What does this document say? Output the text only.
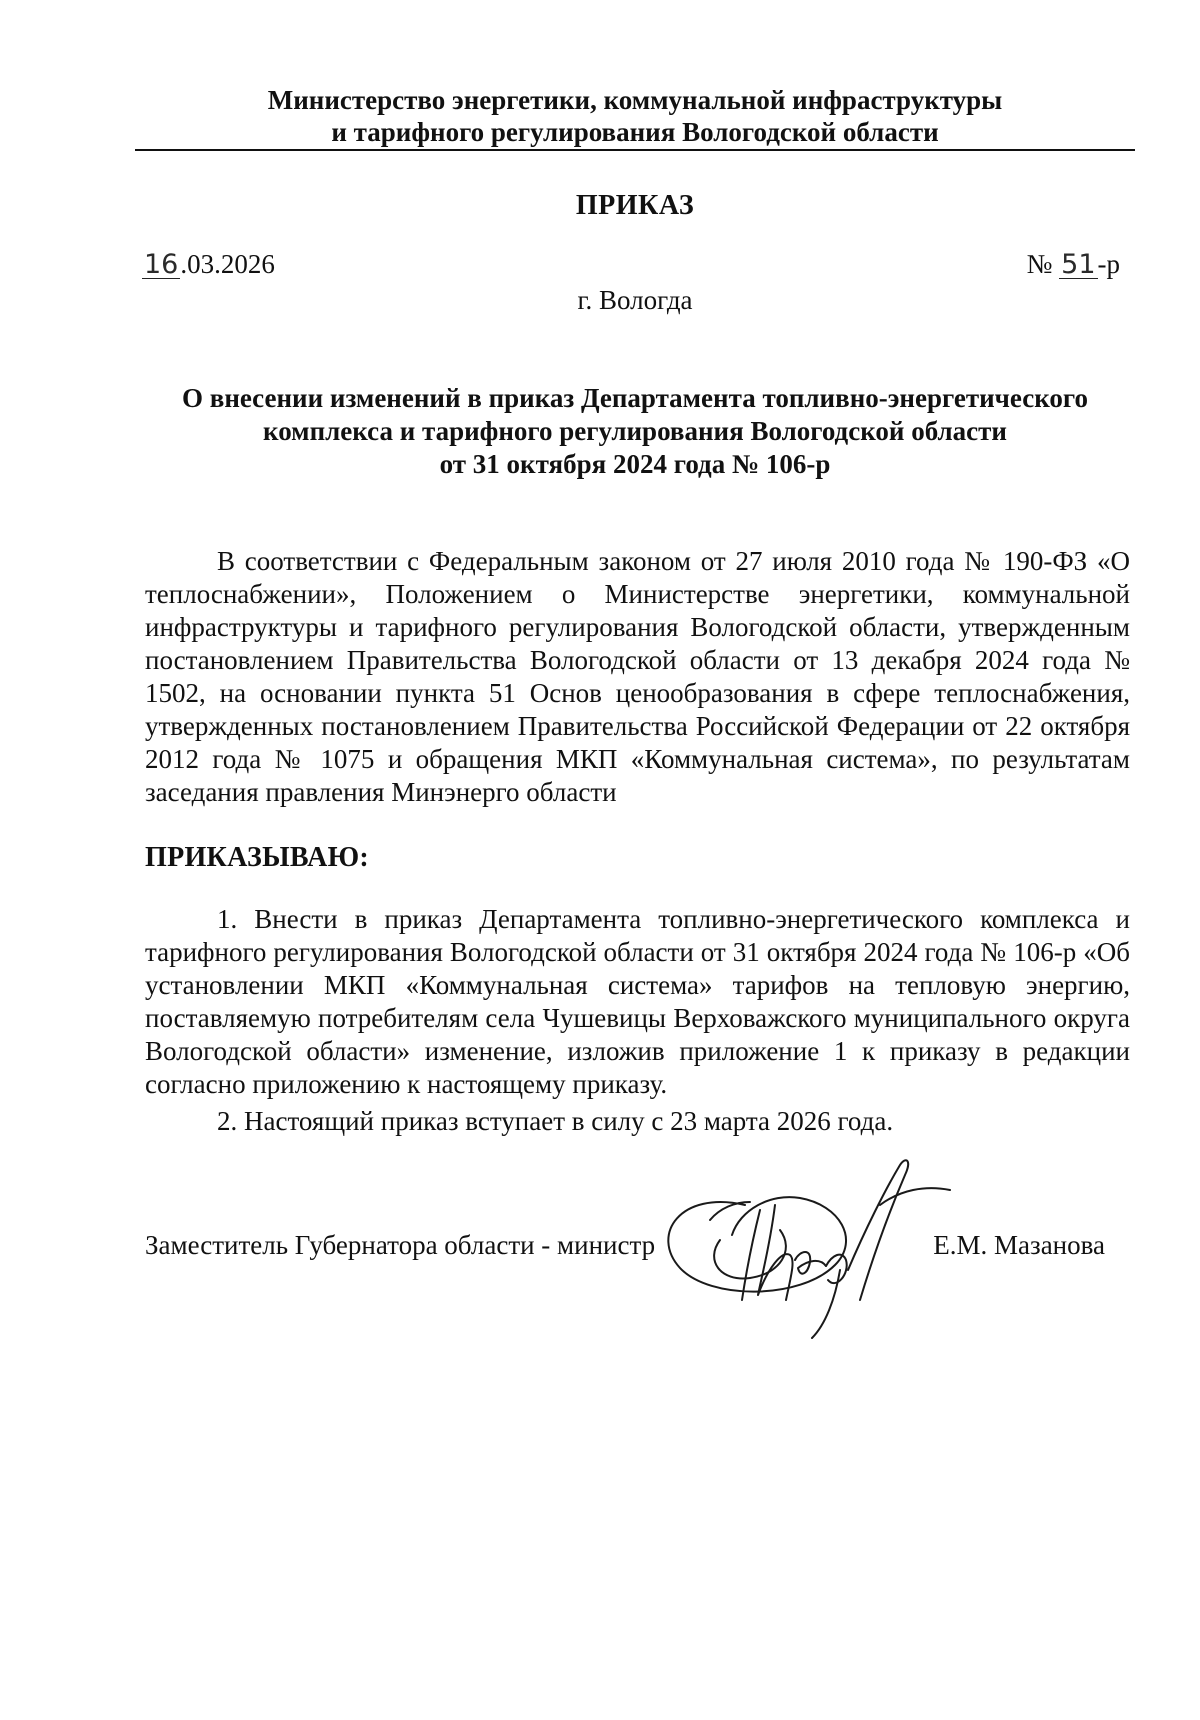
Министерство энергетики, коммунальной инфраструктуры
и тарифного регулирования Вологодской области
ПРИКАЗ
16.03.2026	№ 51-р
г. Вологда
О внесении изменений в приказ Департамента топливно-энергетического
комплекса и тарифного регулирования Вологодской области
от 31 октября 2024 года № 106-р
В соответствии с Федеральным законом от 27 июля 2010 года № 190-ФЗ «О теплоснабжении», Положением о Министерстве энергетики, коммунальной инфраструктуры и тарифного регулирования Вологодской области, утвержденным постановлением Правительства Вологодской области от 13 декабря 2024 года № 1502, на основании пункта 51 Основ ценообразования в сфере теплоснабжения, утвержденных постановлением Правительства Российской Федерации от 22 октября 2012 года № 1075 и обращения МКП «Коммунальная система», по результатам заседания правления Минэнерго области
ПРИКАЗЫВАЮ:
1. Внести в приказ Департамента топливно-энергетического комплекса и тарифного регулирования Вологодской области от 31 октября 2024 года № 106-р «Об установлении МКП «Коммунальная система» тарифов на тепловую энергию, поставляемую потребителям села Чушевицы Верховажского муниципального округа Вологодской области» изменение, изложив приложение 1 к приказу в редакции согласно приложению к настоящему приказу.
2. Настоящий приказ вступает в силу с 23 марта 2026 года.
Заместитель Губернатора области - министр	Е.М. Мазанова
